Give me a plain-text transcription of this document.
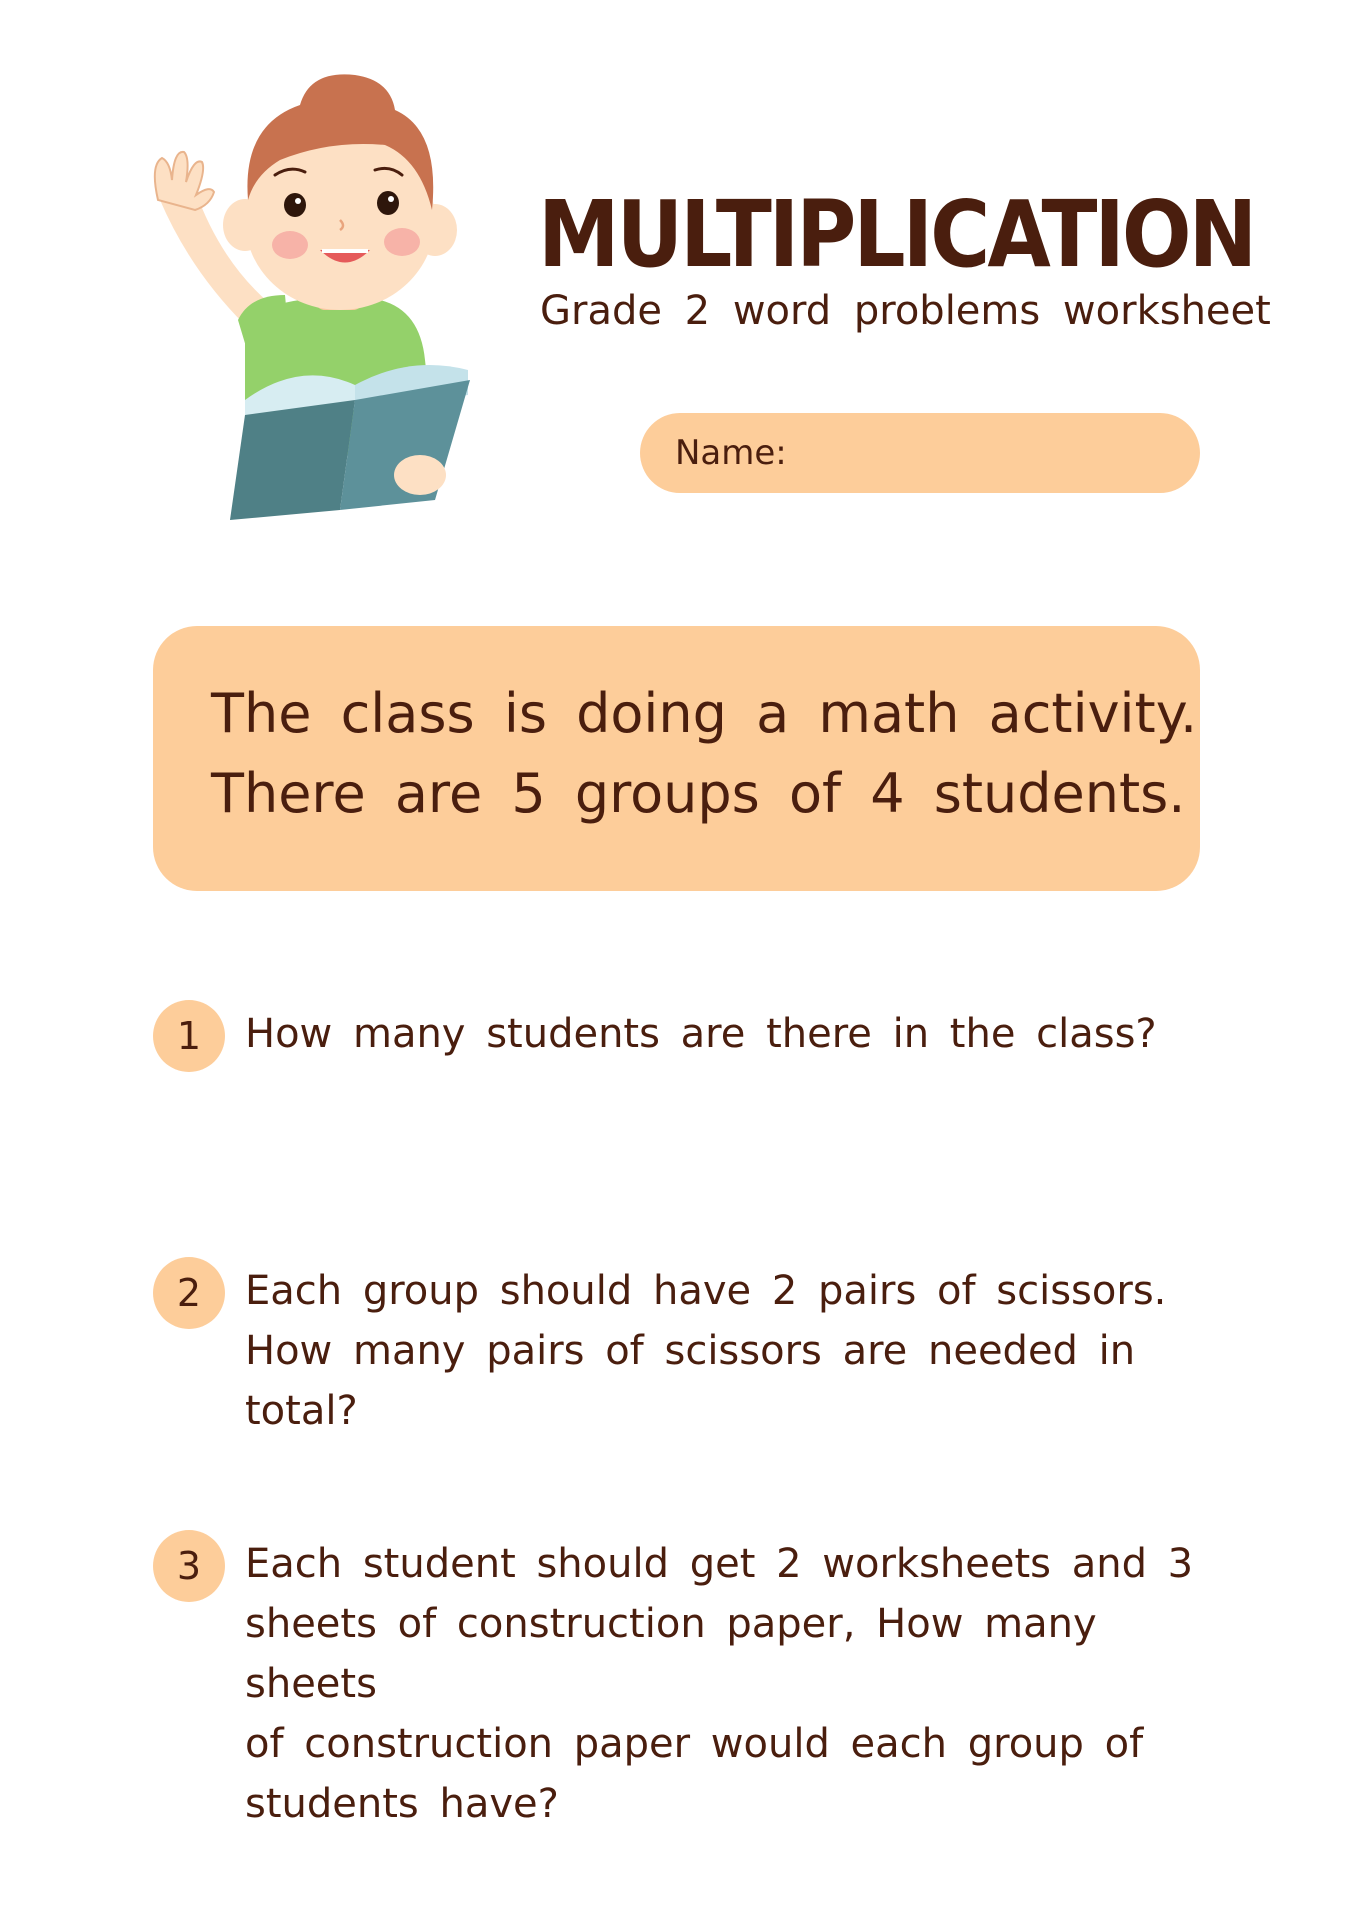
MULTIPLICATION

Grade 2 word problems worksheet

Name:

The class is doing a math activity.

There are 5 groups of 4 students.

1	How many students are there in the class?

2	Each group should have 2 pairs of scissors.
How many pairs of scissors are needed in total?

3	Each student should get 2 worksheets and 3
sheets of construction paper, How many sheets
of construction paper would each group of
students have?
